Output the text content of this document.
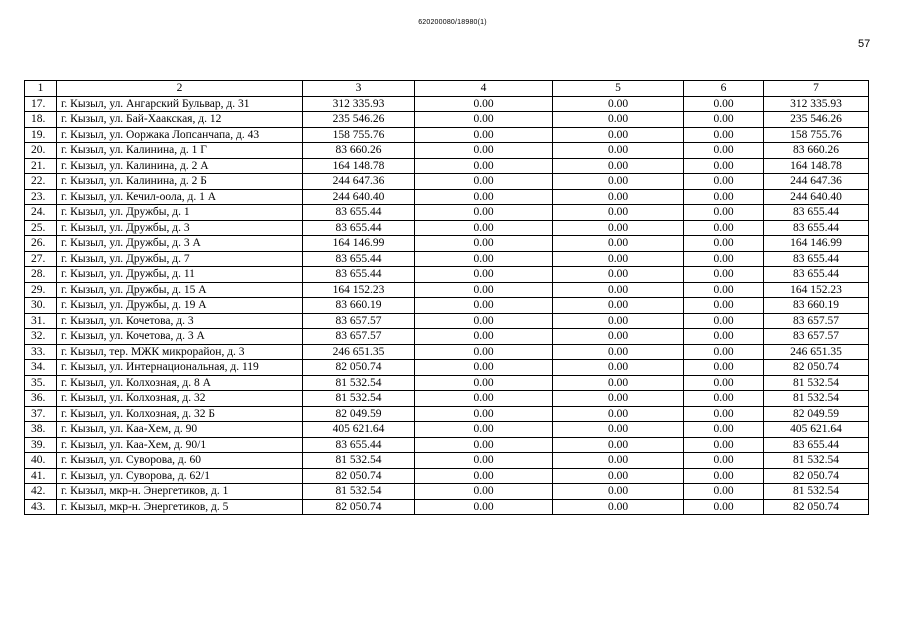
620200080/18980(1)
57
1	2	3	4	5	6	7
17.	г. Кызыл, ул. Ангарский Бульвар, д. 31	312 335.93	0.00	0.00	0.00	312 335.93
18.	г. Кызыл, ул. Бай-Хаакская, д. 12	235 546.26	0.00	0.00	0.00	235 546.26
19.	г. Кызыл, ул. Ооржака Лопсанчапа, д. 43	158 755.76	0.00	0.00	0.00	158 755.76
20.	г. Кызыл, ул. Калинина, д. 1 Г	83 660.26	0.00	0.00	0.00	83 660.26
21.	г. Кызыл, ул. Калинина, д. 2 А	164 148.78	0.00	0.00	0.00	164 148.78
22.	г. Кызыл, ул. Калинина, д. 2 Б	244 647.36	0.00	0.00	0.00	244 647.36
23.	г. Кызыл, ул. Кечил-оола, д. 1 А	244 640.40	0.00	0.00	0.00	244 640.40
24.	г. Кызыл, ул. Дружбы, д. 1	83 655.44	0.00	0.00	0.00	83 655.44
25.	г. Кызыл, ул. Дружбы, д. 3	83 655.44	0.00	0.00	0.00	83 655.44
26.	г. Кызыл, ул. Дружбы, д. 3 А	164 146.99	0.00	0.00	0.00	164 146.99
27.	г. Кызыл, ул. Дружбы, д. 7	83 655.44	0.00	0.00	0.00	83 655.44
28.	г. Кызыл, ул. Дружбы, д. 11	83 655.44	0.00	0.00	0.00	83 655.44
29.	г. Кызыл, ул. Дружбы, д. 15 А	164 152.23	0.00	0.00	0.00	164 152.23
30.	г. Кызыл, ул. Дружбы, д. 19 А	83 660.19	0.00	0.00	0.00	83 660.19
31.	г. Кызыл, ул. Кочетова, д. 3	83 657.57	0.00	0.00	0.00	83 657.57
32.	г. Кызыл, ул. Кочетова, д. 3 А	83 657.57	0.00	0.00	0.00	83 657.57
33.	г. Кызыл, тер. МЖК микрорайон, д. 3	246 651.35	0.00	0.00	0.00	246 651.35
34.	г. Кызыл, ул. Интернациональная, д. 119	82 050.74	0.00	0.00	0.00	82 050.74
35.	г. Кызыл, ул. Колхозная, д. 8 А	81 532.54	0.00	0.00	0.00	81 532.54
36.	г. Кызыл, ул. Колхозная, д. 32	81 532.54	0.00	0.00	0.00	81 532.54
37.	г. Кызыл, ул. Колхозная, д. 32 Б	82 049.59	0.00	0.00	0.00	82 049.59
38.	г. Кызыл, ул. Каа-Хем, д. 90	405 621.64	0.00	0.00	0.00	405 621.64
39.	г. Кызыл, ул. Каа-Хем, д. 90/1	83 655.44	0.00	0.00	0.00	83 655.44
40.	г. Кызыл, ул. Суворова, д. 60	81 532.54	0.00	0.00	0.00	81 532.54
41.	г. Кызыл, ул. Суворова, д. 62/1	82 050.74	0.00	0.00	0.00	82 050.74
42.	г. Кызыл, мкр-н. Энергетиков, д. 1	81 532.54	0.00	0.00	0.00	81 532.54
43.	г. Кызыл, мкр-н. Энергетиков, д. 5	82 050.74	0.00	0.00	0.00	82 050.74
